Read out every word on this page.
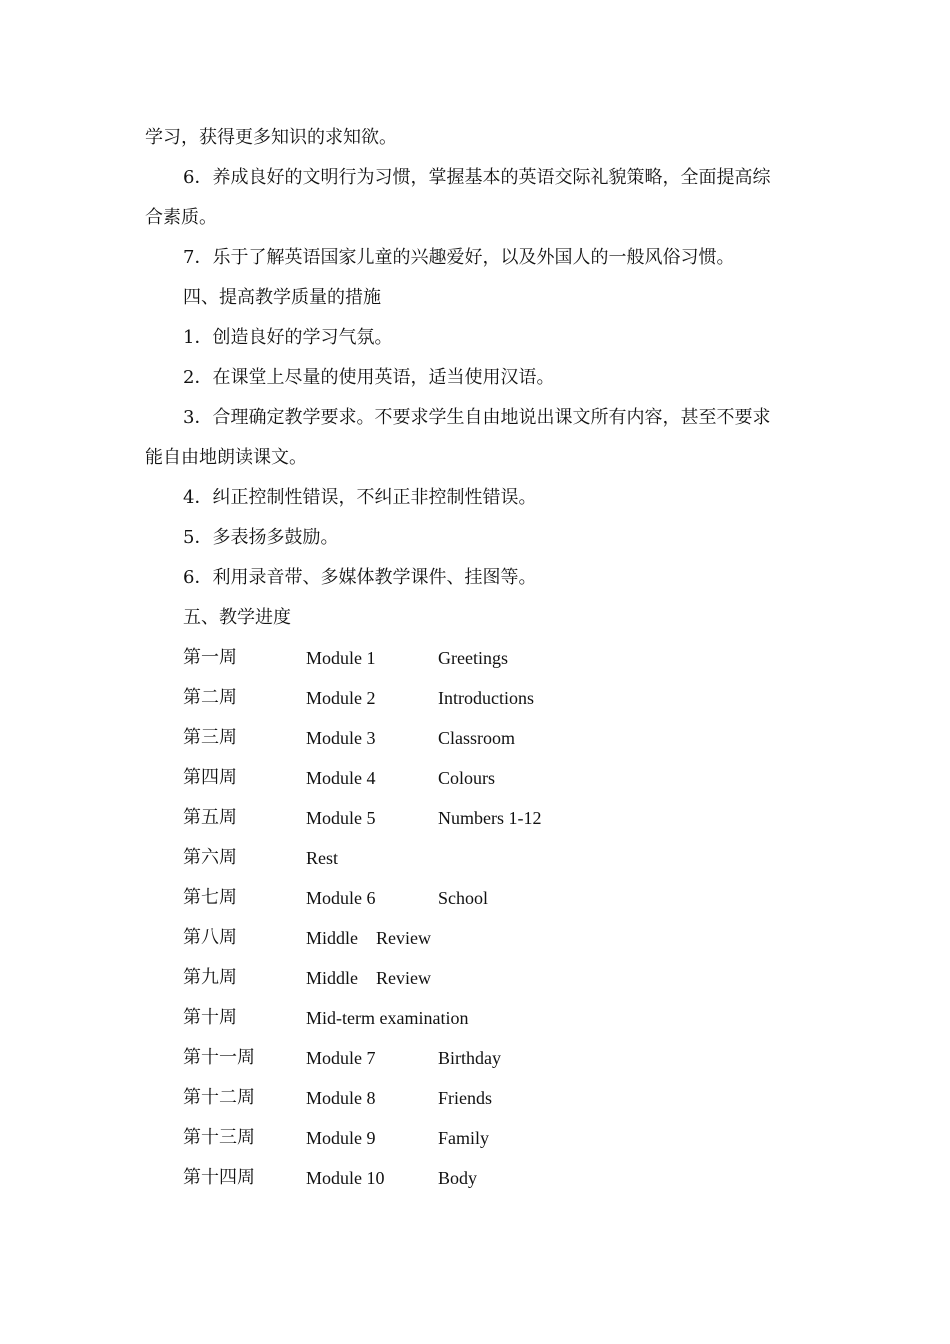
学习，获得更多知识的求知欲。
6．养成良好的文明行为习惯，掌握基本的英语交际礼貌策略，全面提高综
合素质。
7．乐于了解英语国家儿童的兴趣爱好，以及外国人的一般风俗习惯。
四、提高教学质量的措施
1．创造良好的学习气氛。
2．在课堂上尽量的使用英语，适当使用汉语。
3．合理确定教学要求。不要求学生自由地说出课文所有内容，甚至不要求
能自由地朗读课文。
4．纠正控制性错误，不纠正非控制性错误。
5．多表扬多鼓励。
6．利用录音带、多媒体教学课件、挂图等。
五、教学进度
第一周	Module 1	Greetings
第二周	Module 2	Introductions
第三周	Module 3	Classroom
第四周	Module 4	Colours
第五周	Module 5	Numbers 1-12
第六周	Rest
第七周	Module 6	School
第八周	Middle　Review
第九周	Middle　Review
第十周	Mid-term examination
第十一周	Module 7	Birthday
第十二周	Module 8	Friends
第十三周	Module 9	Family
第十四周	Module 10	Body
